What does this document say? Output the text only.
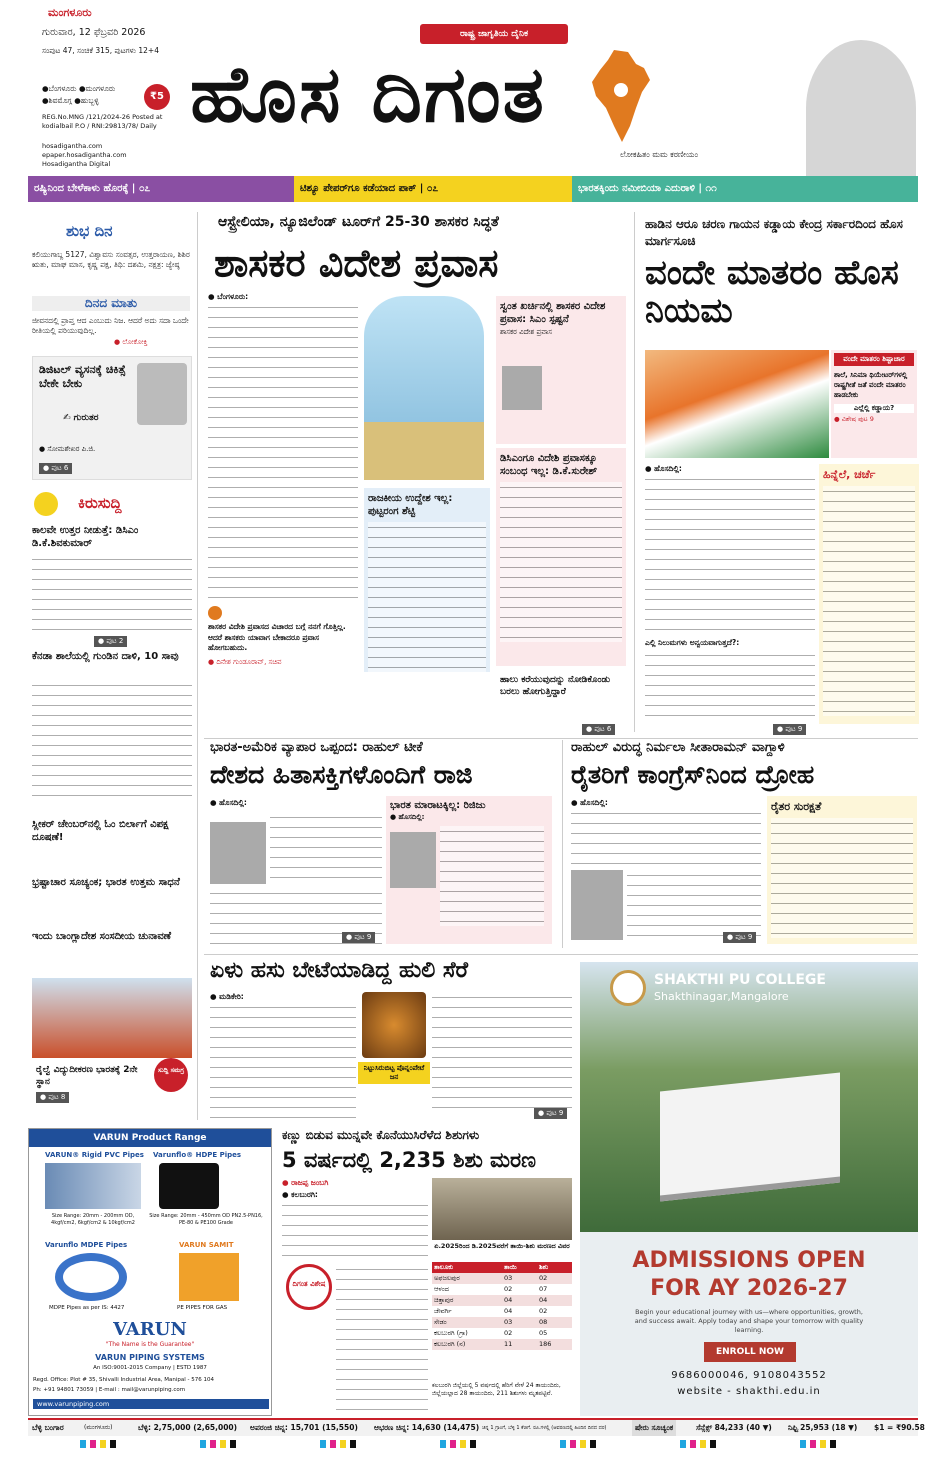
ಮಂಗಳೂರು
ಗುರುವಾರ, 12 ಫೆಬ್ರವರಿ 2026
ಸಂಪುಟ 47, ಸಂಚಿಕೆ 315, ಪುಟಗಳು 12+4
●ಬೆಂಗಳೂರು ●ಮಂಗಳೂರು ●ಶಿವಮೊಗ್ಗ ●ಹುಬ್ಬಳ್ಳಿ	₹5
REG.No.MNG /121/2024-26 Posted at kodialbail P.O / RNI:29813/78/ Daily
hosadigantha.com
epaper.hosadigantha.com
Hosadigantha Digital
ರಾಷ್ಟ್ರ ಜಾಗೃತಿಯ ದೈನಿಕ
ಹೊಸ ದಿಗಂತ
ಲೋಕಹಿತಂ ಮಮ ಕರಣೀಯಂ
ರಷ್ಯಿನಿಂದ ಬೇಳೆಕಾಳು ಹೊರಕ್ಕೆ | ೦೭	ಟಿಶ್ಯೂ ಪೇಪರ್‌ಗೂ ಕಡೆಯಾದ ಪಾಕ್ | ೦೭	ಭಾರತಕ್ಕಿಂದು ನಮೀಬಿಯಾ ಎದುರಾಳಿ | ೧೧
ಶುಭ ದಿನ
ಕಲಿಯುಗಾಬ್ದ 5127, ವಿಶ್ವಾವಸು ಸಂವತ್ಸರ, ಉತ್ತರಾಯಣ, ಶಿಶಿರ ಋತು, ಮಾಘ ಮಾಸ, ಕೃಷ್ಣ ಪಕ್ಷ, ತಿಥಿ: ದಶಮಿ, ನಕ್ಷತ್ರ: ಜ್ಯೇಷ್ಠ
ದಿನದ ಮಾತು
ಜೀವನದಲ್ಲಿ ಪ್ರಾಪ್ತ ಆದ ಎಂಬುದು ನಿಜ. ಆದರೆ ಅದು ಸದಾ ಒಂದೇ ರೀತಿಯಲ್ಲಿ ಪರಿಯುವುದಿಲ್ಲ.
● ಲೋಕೋಕ್ತಿ
ಡಿಜಿಟಲ್ ವ್ಯಸನಕ್ಕೆ ಚಿಕಿತ್ಸೆ ಬೇಕೇ ಬೇಕು
✍ ಗುರುತರ
● ಸೋಮಶೇಖರ ಪಿ.ಜಿ.
● ಪುಟ 6
ಕಿರುಸುದ್ದಿ
ಕಾಲವೇ ಉತ್ತರ ನೀಡುತ್ತೆ: ಡಿಸಿಎಂ ಡಿ.ಕೆ.ಶಿವಕುಮಾರ್
● ಪುಟ 2
ಕೆನಡಾ ಶಾಲೆಯಲ್ಲಿ ಗುಂಡಿನ ದಾಳಿ, 10 ಸಾವು
ಸ್ಲೀಕರ್ ಚೇಂಬರ್‌ನಲ್ಲಿ ಓಂ ಬಿರ್ಲಾಗೆ ವಿಪಕ್ಷ ದೂಷಣೆ!
ಭ್ರಷ್ಟಾಚಾರ ಸೂಚ್ಯಂಕ; ಭಾರತ ಉತ್ತಮ ಸಾಧನೆ
ಇಂದು ಬಾಂಗ್ಲಾದೇಶ ಸಂಸದೀಯ ಚುನಾವಣೆ
ರೈಲ್ವೆ ವಿದ್ಯುದೀಕರಣ ಭಾರತಕ್ಕೆ 2ನೇ ಸ್ಥಾನ
● ಪುಟ 8
ಸುದ್ದಿ ಸಮಗ್ರ
ಆಸ್ಟ್ರೇಲಿಯಾ, ನ್ಯೂಜಿಲೆಂಡ್ ಟೂರ್‌ಗೆ 25-30 ಶಾಸಕರ ಸಿದ್ಧತೆ
ಶಾಸಕರ ವಿದೇಶ ಪ್ರವಾಸ
● ಬೆಂಗಳೂರು:
ಶಾಸಕರ ವಿದೇಶಿ ಪ್ರವಾಸದ ವಿಚಾರದ ಬಗ್ಗೆ ನನಗೆ ಗೊತ್ತಿಲ್ಲ. ಆದರೆ ಶಾಸಕರು ಯಾವಾಗ ಬೇಕಾದರೂ ಪ್ರವಾಸ ಹೋಗಬಹುದು.
● ದಿನೇಶ ಗುಂಡೂರಾವ್, ಸಚಿವ
ರಾಜಕೀಯ ಉದ್ದೇಶ ಇಲ್ಲ: ಪುಟ್ಟರಂಗ ಶೆಟ್ಟಿ
ಸ್ವಂತ ಖರ್ಚಿನಲ್ಲಿ ಶಾಸಕರ ವಿದೇಶ ಪ್ರವಾಸ: ಸಿಎಂ ಸ್ಪಷ್ಟನೆ
ಶಾಸಕರ ವಿದೇಶ ಪ್ರವಾಸ
ಡಿಸಿಎಂಗೂ ವಿದೇಶಿ ಪ್ರವಾಸಕ್ಕೂ ಸಂಬಂಧ ಇಲ್ಲ: ಡಿ.ಕೆ.ಸುರೇಶ್
ಹಾಲು ಕರೆಯುವುದನ್ನು ನೋಡಿಕೊಂಡು ಬರಲು ಹೋಗುತ್ತಿದ್ದಾರೆ
● ಪುಟ 6
ಹಾಡಿನ ಆರೂ ಚರಣ ಗಾಯನ ಕಡ್ಡಾಯ ಕೇಂದ್ರ ಸರ್ಕಾರದಿಂದ ಹೊಸ ಮಾರ್ಗಸೂಚಿ
ವಂದೇ ಮಾತರಂ ಹೊಸ ನಿಯಮ
ವಂದೇ ಮಾತರಂ ಶಿಷ್ಟಾಚಾರ
ಶಾಲೆ, ಸಿನಿಮಾ ಥಿಯೇಟರ್‌ಗಳಲ್ಲಿ ರಾಷ್ಟ್ರಗೀತೆ ಜತೆ ವಂದೇ ಮಾತರಂ ಹಾಡಬೇಕು
ಎಲ್ಲೆಲ್ಲಿ ಕಡ್ಡಾಯ?
● ವಿಶೇಷ ಪುಟ 9
● ಹೊಸದಿಲ್ಲಿ:
ಎಲ್ಲಿ ನಿಲುಮಗಳು ಅನ್ವಯವಾಗುತ್ತದೆ?:
ಹಿನ್ನೆಲೆ, ಚರ್ಚೆ
● ಪುಟ 9
ಭಾರತ-ಅಮೆರಿಕ ವ್ಯಾಪಾರ ಒಪ್ಪಂದ: ರಾಹುಲ್ ಟೀಕೆ
ದೇಶದ ಹಿತಾಸಕ್ತಿಗಳೊಂದಿಗೆ ರಾಜಿ
● ಹೊಸದಿಲ್ಲಿ:	ಭಾರತ ಮಾರಾಟಕ್ಕಿಲ್ಲ: ರಿಜಿಜು
● ಹೊಸದಿಲ್ಲಿ:
● ಪುಟ 9
ರಾಹುಲ್ ವಿರುದ್ಧ ನಿರ್ಮಲಾ ಸೀತಾರಾಮನ್ ವಾಗ್ದಾಳಿ
ರೈತರಿಗೆ ಕಾಂಗ್ರೆಸ್‌ನಿಂದ ದ್ರೋಹ
● ಹೊಸದಿಲ್ಲಿ:	ರೈತರ ಸುರಕ್ಷತೆ
● ಪುಟ 9
ಏಳು ಹಸು ಬೇಟೆಯಾಡಿದ್ದ ಹುಲಿ ಸೆರೆ
● ಮಡಿಕೇರಿ:
ನಿಟ್ಟುಸಿರುಬಿಟ್ಟ ಪೊನ್ನಂಪೇಟೆ ಜನ
● ಪುಟ 9
SHAKTHI PU COLLEGE
Shakthinagar,Mangalore
ADMISSIONS OPEN
FOR AY 2026-27
Begin your educational journey with us—where opportunities, growth, and success await. Apply today and shape your tomorrow with quality learning.
ENROLL NOW
9686000046, 9108043552
website - shakthi.edu.in
VARUN Product Range
VARUN® Rigid PVC Pipes Varunflo® HDPE Pipes
Size Range: 20mm - 200mm OD, 4kgf/cm2, 6kgf/cm2 & 10kgf/cm2
Size Range: 20mm - 450mm OD PN2.5-PN16, PE-80 & PE100 Grade
Varunflo MDPE Pipes	VARUN SAMIT
MDPE Pipes as per IS: 4427	PE PIPES FOR GAS
VARUN
"The Name is the Guarantee"
VARUN PIPING SYSTEMS
An ISO:9001-2015 Company | ESTD 1987
Regd. Office: Plot # 35, Shivalli Industrial Area, Manipal - 576 104
Ph: +91 94801 73059 | E-mail : mail@varunpiping.com
www.varunpiping.com
ಕಣ್ಣು ಬಿಡುವ ಮುನ್ನವೇ ಕೊನೆಯುಸಿರೆಳೆದ ಶಿಶುಗಳು
5 ವರ್ಷದಲ್ಲಿ 2,235 ಶಿಶು ಮರಣ
● ರಾಜಪ್ಪ ಜಂಬಗಿ
● ಕಲಬುರಗಿ:
ದಿಗಂತ ವಿಶೇಷ
ಏ.2025ರಿಂದ ಡಿ.2025ವರೆಗೆ ತಾಯಿ-ಶಿಶು ಮರಣದ ವಿವರ
ತಾಲೂಕು	ತಾಯಿ	ಶಿಶು
ಅಫಜಲಪುರ	03	02
ಆಳಂದ	02	07
ಚಿತ್ತಾಪುರ	04	04
ಜೇವರ್ಗಿ	04	02
ಸೇಡಂ	03	08
ಕಲಬುರಗಿ (ಗ್ರಾ)	02	05
ಕಲಬುರಗಿ (ನ)	11	186
ಕಲಬುರಗಿ ಜಿಲ್ಲೆಯಲ್ಲಿ 5 ವರ್ಷದಲ್ಲಿ ಹೆರಿಗೆ ವೇಳೆ 24 ತಾಯಂದಿರು, ಜಿಲ್ಲೆಯಲ್ಲಾದ 28 ತಾಯಂದಿರು, 211 ಶಿಶುಗಳು ಮೃತಪಟ್ಟಿವೆ.
ಬೆಳ್ಳಿ ಬಂಗಾರ	(ಮಂಗಳೂರು)	ಬೆಳ್ಳಿ: 2,75,000 (2,65,000) ಅಪರಂಜಿ ಚಿನ್ನ: 15,701 (15,550) ಆಭರಣ ಚಿನ್ನ: 14,630 (14,475) ಚಿನ್ನ 1 ಗ್ರಾಂಗೆ, ಬೆಳ್ಳಿ 1 ಕೆಜಿಗೆ. ರೂ.ಗಳಲ್ಲಿ (ಆವರಣದಲ್ಲಿ ಹಿಂದಿನ ದಿನದ ದರ)	ಷೇರು ಸೂಚ್ಯಂಕ	ಸೆನ್ಸೆಕ್ಸ್ 84,233 (40 ▼) ನಿಫ್ಟಿ 25,953 (18 ▼) $1 = ₹90.58
